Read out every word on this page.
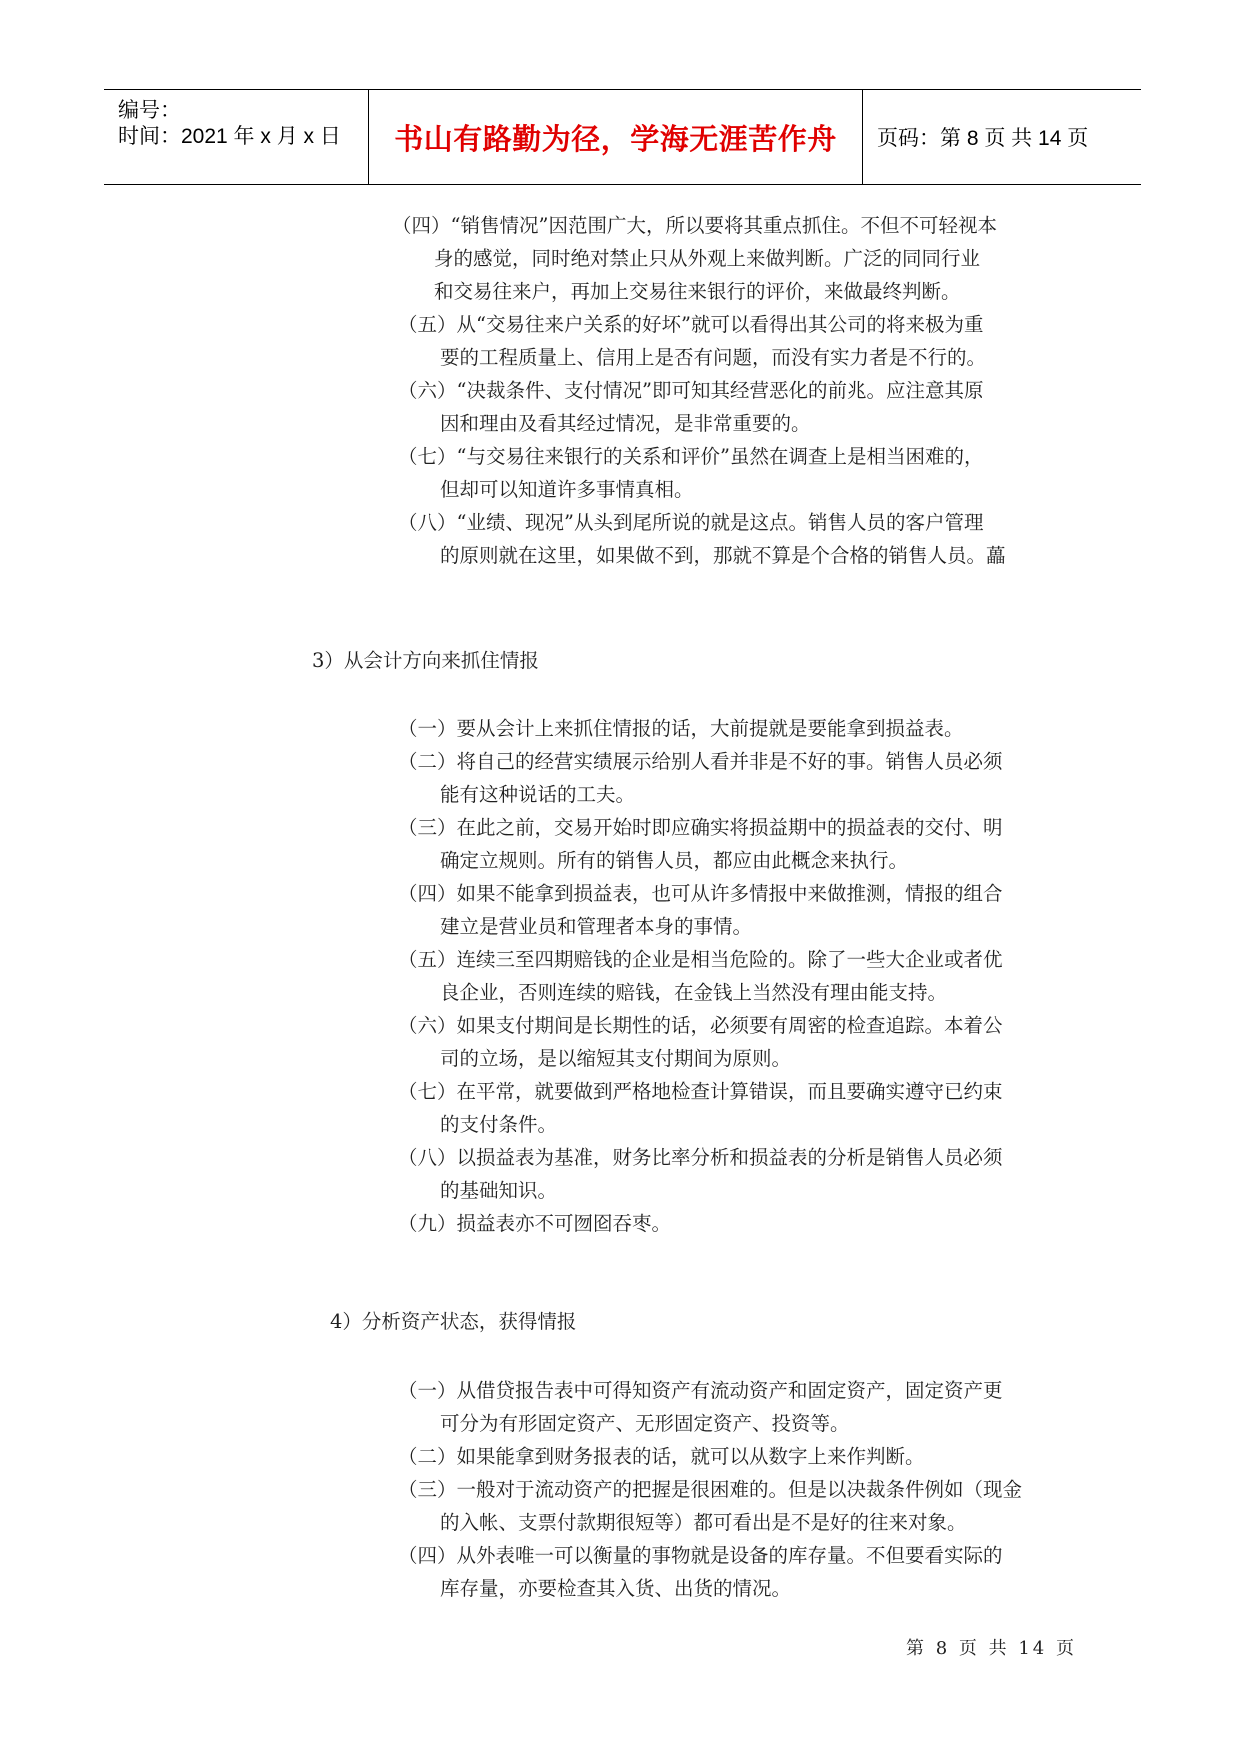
编号：
时间：2021 年 x 月 x 日 书山有路勤为径，学海无涯苦作舟 页码：第 8 页 共 14 页
（四）“销售情况”因范围广大，所以要将其重点抓住。不但不可轻视本
身的感觉，同时绝对禁止只从外观上来做判断。广泛的同同行业
和交易往来户，再加上交易往来银行的评价，来做最终判断。
（五）从“交易往来户关系的好坏”就可以看得出其公司的将来极为重
要的工程质量上、信用上是否有问题，而没有实力者是不行的。
（六）“决裁条件、支付情况”即可知其经营恶化的前兆。应注意其原
因和理由及看其经过情况，是非常重要的。
（七）“与交易往来银行的关系和评价”虽然在调查上是相当困难的，
但却可以知道许多事情真相。
（八）“业绩、现况”从头到尾所说的就是这点。销售人员的客户管理
的原则就在这里，如果做不到，那就不算是个合格的销售人员。藟
3）从会计方向来抓住情报
（一）要从会计上来抓住情报的话，大前提就是要能拿到损益表。
（二）将自己的经营实绩展示给别人看并非是不好的事。销售人员必须
能有这种说话的工夫。
（三）在此之前，交易开始时即应确实将损益期中的损益表的交付、明
确定立规则。所有的销售人员，都应由此概念来执行。
（四）如果不能拿到损益表，也可从许多情报中来做推测，情报的组合
建立是营业员和管理者本身的事情。
（五）连续三至四期赔钱的企业是相当危险的。除了一些大企业或者优
良企业，否则连续的赔钱，在金钱上当然没有理由能支持。
（六）如果支付期间是长期性的话，必须要有周密的检查追踪。本着公
司的立场，是以缩短其支付期间为原则。
（七）在平常，就要做到严格地检查计算错误，而且要确实遵守已约束
的支付条件。
（八）以损益表为基准，财务比率分析和损益表的分析是销售人员必须
的基础知识。
（九）损益表亦不可囫囵吞枣。
4）分析资产状态，获得情报
（一）从借贷报告表中可得知资产有流动资产和固定资产，固定资产更
可分为有形固定资产、无形固定资产、投资等。
（二）如果能拿到财务报表的话，就可以从数字上来作判断。
（三）一般对于流动资产的把握是很困难的。但是以决裁条件例如（现金
的入帐、支票付款期很短等）都可看出是不是好的往来对象。
（四）从外表唯一可以衡量的事物就是设备的库存量。不但要看实际的
库存量，亦要检查其入货、出货的情况。
第 8 页 共 14 页
